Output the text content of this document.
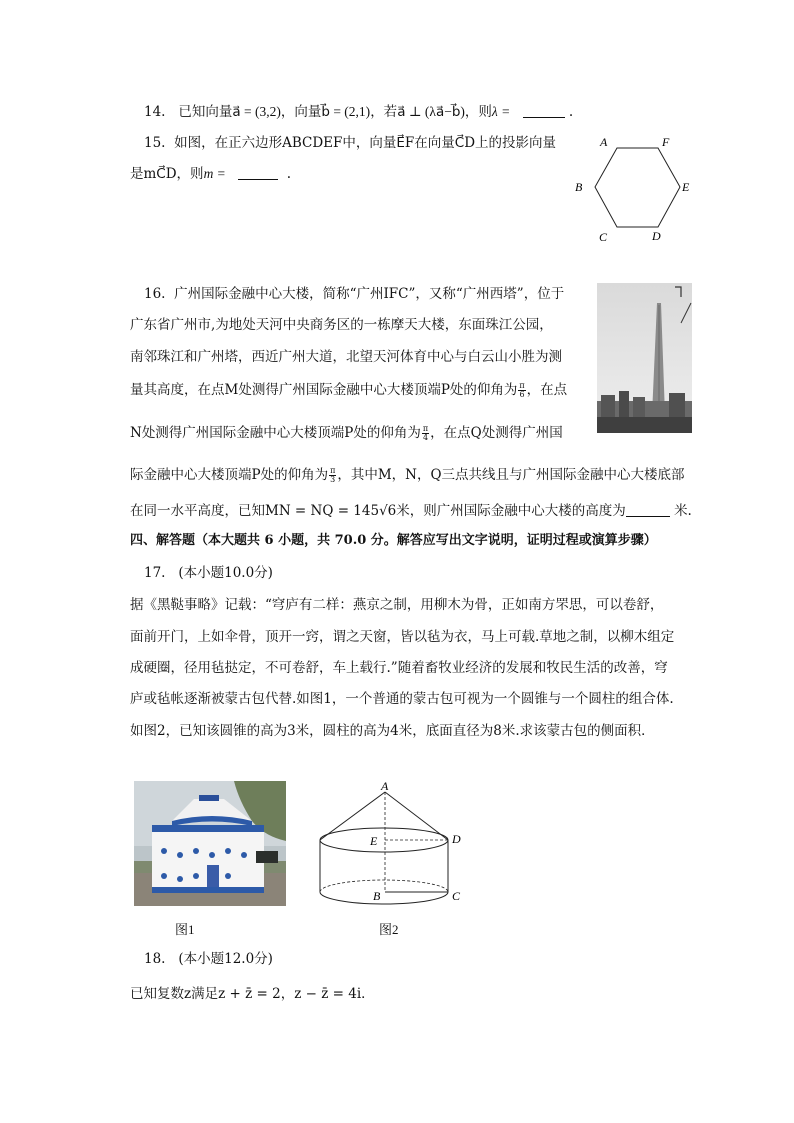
14. 已知向量a⃗ = (3,2)，向量b⃗ = (2,1)，若a⃗ ⊥ (λa⃗−b⃗)，则λ =	.
15. 如图，在正六边形ABCDEF中，向量E⃗F在向量C⃗D上的投影向量
是mC⃗D，则m =	.
A	F
B	E
C	D
16. 广州国际金融中心大楼，简称“广州IFC”，又称“广州西塔”，位于
广东省广州市,为地处天河中央商务区的一栋摩天大楼，东面珠江公园，
南邻珠江和广州塔，西近广州大道，北望天河体育中心与白云山小胜为测
量其高度，在点M处测得广州国际金融中心大楼顶端P处的仰角为 $\frac{\pi}{6}$ ，在点
N处测得广州国际金融中心大楼顶端P处的仰角为 $\frac{\pi}{4}$ ，在点Q处测得广州国
际金融中心大楼顶端P处的仰角为 $\frac{\pi}{3}$ ，其中M，N，Q三点共线且与广州国际金融中心大楼底部
在同一水平高度，已知MN = NQ = 145√6米，则广州国际金融中心大楼的高度为	米.
四、解答题（本大题共 6 小题，共 70.0 分。解答应写出文字说明，证明过程或演算步骤）
17. (本小题10.0分)
据《黑鞑事略》记载：“穹庐有二样：燕京之制，用柳木为骨，正如南方罘思，可以卷舒，
面前开门，上如伞骨，顶开一窍，谓之天窗，皆以毡为衣，马上可载.草地之制，以柳木组定
成硬圈，径用毡挞定，不可卷舒，车上载行.”随着畜牧业经济的发展和牧民生活的改善，穹
庐或毡帐逐渐被蒙古包代替.如图1，一个普通的蒙古包可视为一个圆锥与一个圆柱的组合体.
如图2，已知该圆锥的高为3米，圆柱的高为4米，底面直径为8米.求该蒙古包的侧面积．
图1
A
E	D
B	C
图2
18. (本小题12.0分)
已知复数z满足z + z̄ = 2，z − z̄ = 4i．
